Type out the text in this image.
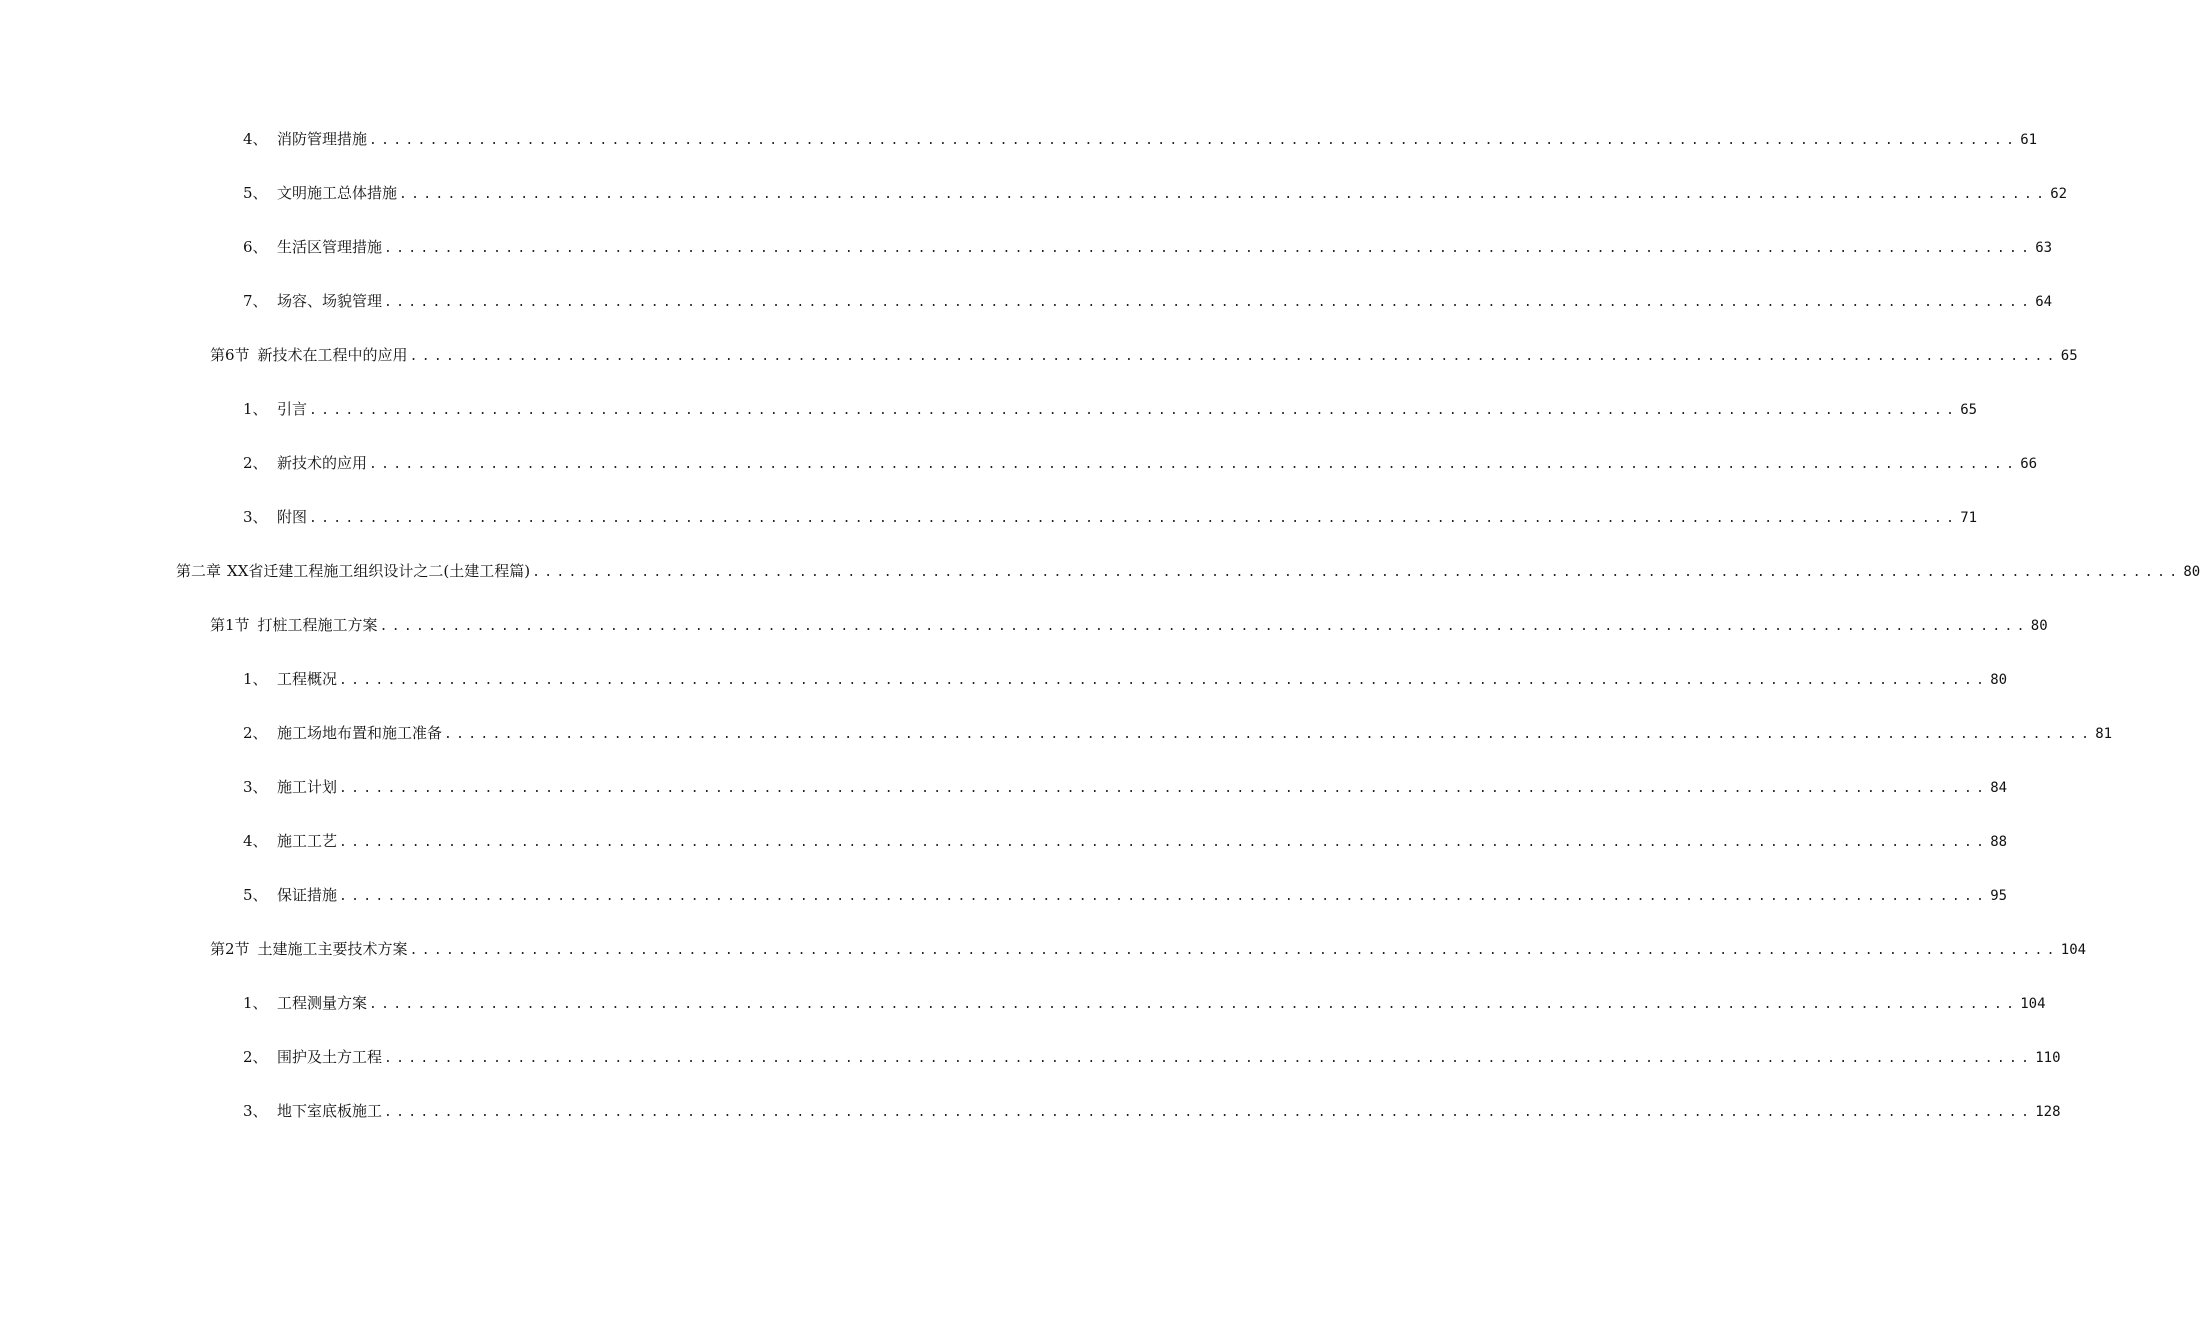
4、 消防管理措施 ........................................................................................................................................ 61
5、 文明施工总体措施 ........................................................................................................................................ 62
6、 生活区管理措施 ........................................................................................................................................ 63
7、 场容、场貌管理 ........................................................................................................................................ 64
第6节 新技术在工程中的应用 ........................................................................................................................................ 65
1、 引言 ........................................................................................................................................ 65
2、 新技术的应用 ........................................................................................................................................ 66
3、 附图 ........................................................................................................................................ 71
第二章 XX省迁建工程施工组织设计之二(土建工程篇) ........................................................................................................................................ 80
第1节 打桩工程施工方案 ........................................................................................................................................ 80
1、 工程概况 ........................................................................................................................................ 80
2、 施工场地布置和施工准备 ........................................................................................................................................ 81
3、 施工计划 ........................................................................................................................................ 84
4、 施工工艺 ........................................................................................................................................ 88
5、 保证措施 ........................................................................................................................................ 95
第2节 土建施工主要技术方案 ........................................................................................................................................ 104
1、 工程测量方案 ........................................................................................................................................ 104
2、 围护及土方工程 ........................................................................................................................................ 110
3、 地下室底板施工 ........................................................................................................................................ 128
